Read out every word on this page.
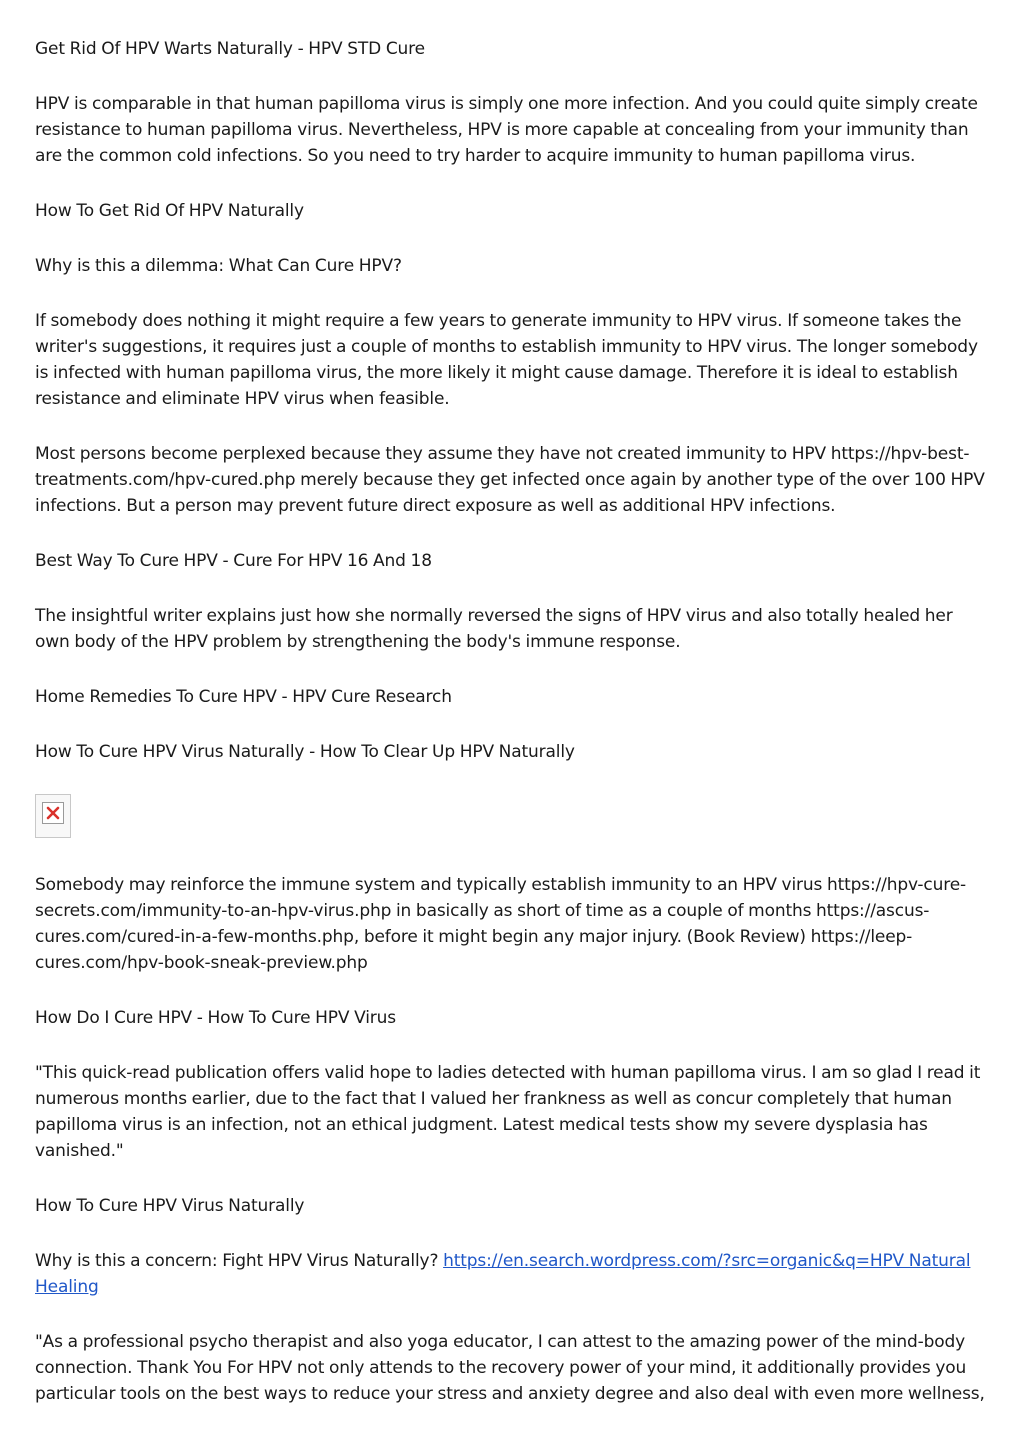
Get Rid Of HPV Warts Naturally - HPV STD Cure

HPV is comparable in that human papilloma virus is simply one more infection. And you could quite simply create resistance to human papilloma virus. Nevertheless, HPV is more capable at concealing from your immunity than are the common cold infections. So you need to try harder to acquire immunity to human papilloma virus.

How To Get Rid Of HPV Naturally

Why is this a dilemma: What Can Cure HPV?

If somebody does nothing it might require a few years to generate immunity to HPV virus. If someone takes the writer's suggestions, it requires just a couple of months to establish immunity to HPV virus. The longer somebody is infected with human papilloma virus, the more likely it might cause damage. Therefore it is ideal to establish resistance and eliminate HPV virus when feasible.

Most persons become perplexed because they assume they have not created immunity to HPV https://hpv-best-treatments.com/hpv-cured.php merely because they get infected once again by another type of the over 100 HPV infections. But a person may prevent future direct exposure as well as additional HPV infections.

Best Way To Cure HPV - Cure For HPV 16 And 18

The insightful writer explains just how she normally reversed the signs of HPV virus and also totally healed her own body of the HPV problem by strengthening the body's immune response.

Home Remedies To Cure HPV - HPV Cure Research

How To Cure HPV Virus Naturally - How To Clear Up HPV Naturally

Somebody may reinforce the immune system and typically establish immunity to an HPV virus https://hpv-cure-secrets.com/immunity-to-an-hpv-virus.php in basically as short of time as a couple of months https://ascus-cures.com/cured-in-a-few-months.php, before it might begin any major injury. (Book Review) https://leep-cures.com/hpv-book-sneak-preview.php

How Do I Cure HPV - How To Cure HPV Virus

"This quick-read publication offers valid hope to ladies detected with human papilloma virus. I am so glad I read it numerous months earlier, due to the fact that I valued her frankness as well as concur completely that human papilloma virus is an infection, not an ethical judgment. Latest medical tests show my severe dysplasia has vanished."

How To Cure HPV Virus Naturally

Why is this a concern: Fight HPV Virus Naturally? https://en.search.wordpress.com/?src=organic&q=HPV Natural Healing

"As a professional psycho therapist and also yoga educator, I can attest to the amazing power of the mind-body connection. Thank You For HPV not only attends to the recovery power of your mind, it additionally provides you particular tools on the best ways to reduce your stress and anxiety degree and also deal with even more wellness,
